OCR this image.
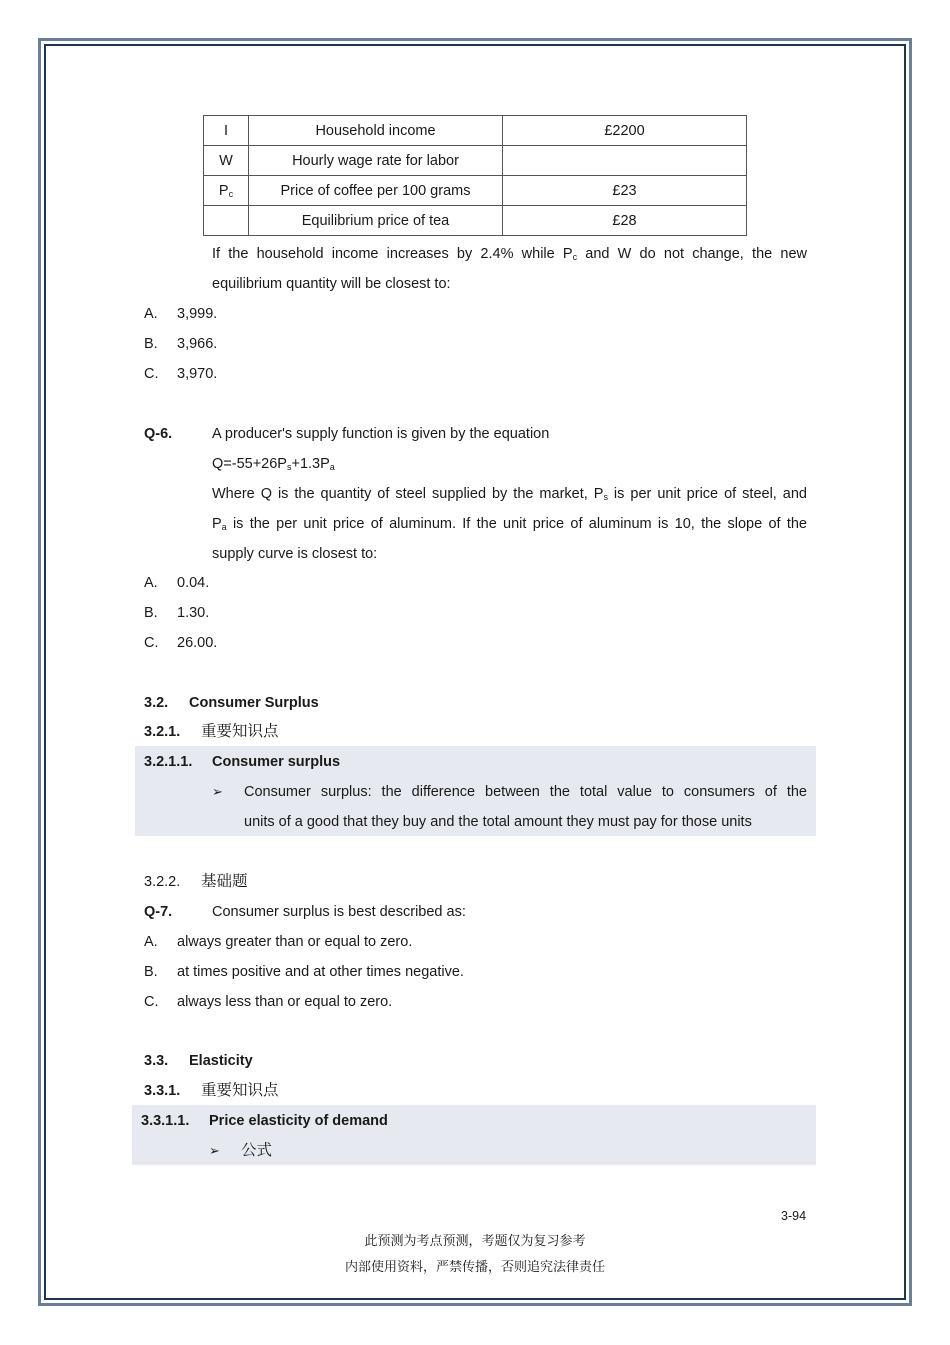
I	Household income	£2200
W	Hourly wage rate for labor	
$P_c$	Price of coffee per 100 grams	£23
	Equilibrium price of tea	£28
If the household income increases by 2.4% while $P_c$ and W do not change, the new
equilibrium quantity will be closest to:
A. 3,999.
B. 3,966.
C. 3,970.
Q-6.	A producer's supply function is given by the equation
$Q=-55+26P_s+1.3P_a$
Where Q is the quantity of steel supplied by the market, $P_s$ is per unit price of steel, and
$P_a$ is the per unit price of aluminum. If the unit price of aluminum is 10, the slope of the
supply curve is closest to:
A. 0.04.
B. 1.30.
C. 26.00.
3.2. Consumer Surplus
3.2.1. 重要知识点
3.2.1.1. Consumer surplus
➢ Consumer surplus: the difference between the total value to consumers of the
units of a good that they buy and the total amount they must pay for those units
3.2.2. 基础题
Q-7.	Consumer surplus is best described as:
A. always greater than or equal to zero.
B. at times positive and at other times negative.
C. always less than or equal to zero.
3.3. Elasticity
3.3.1. 重要知识点
3.3.1.1. Price elasticity of demand
➢ 公式
3-94
此预测为考点预测，考题仅为复习参考
内部使用资料，严禁传播，否则追究法律责任
